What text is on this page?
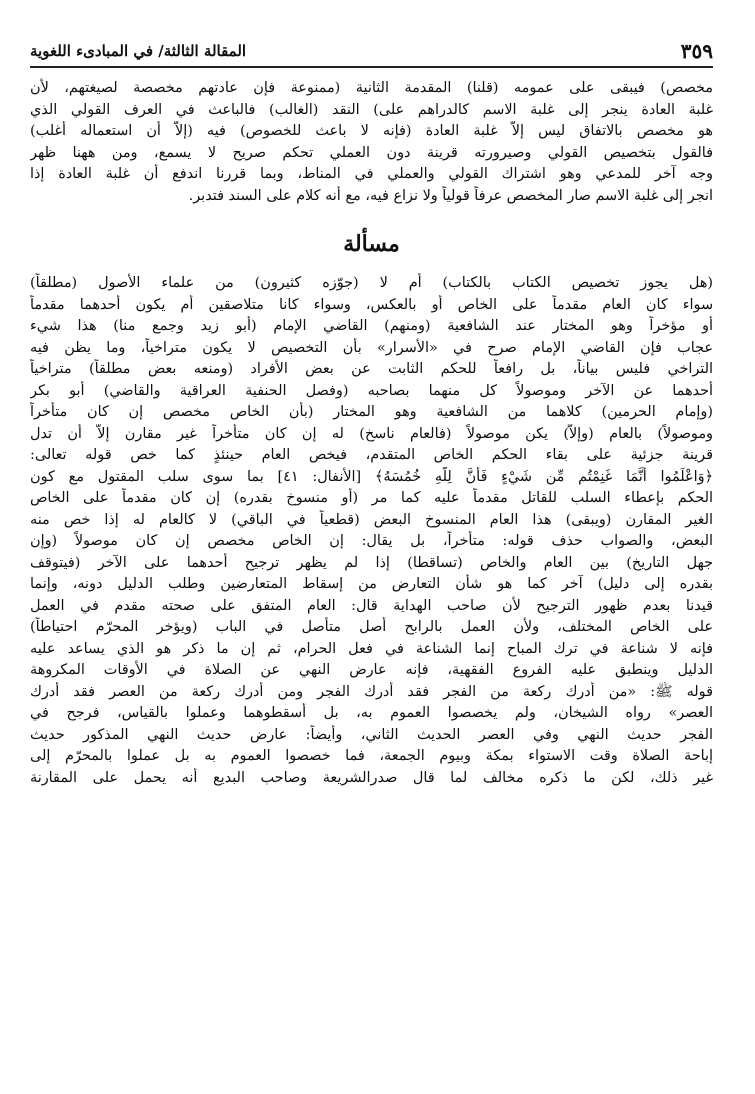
المقالة الثالثة/ في المبادىء اللغوية	٣٥٩
مخصص) فيبقى على عمومه (قلنا) المقدمة الثانية (ممنوعة فإن عادتهم مخصصة لصيغتهم، لأن
غلبة العادة ينجر إلى غلبة الاسم كالدراهم على) النقد (الغالب) فالباعث في العرف القولي الذي
هو مخصص بالاتفاق ليس إلاّ غلبة العادة (فإنه لا باعث للخصوص) فيه (إلاّ أن استعماله أغلب)
فالقول بتخصيص القولي وصيرورته قرينة دون العملي تحكم صريح لا يسمع، ومن ههنا ظهر
وجه آخر للمدعي وهو اشتراك القولي والعملي في المناط، وبما قررنا اندفع أن غلبة العادة إذا
انجر إلى غلبة الاسم صار المخصص عرفاً قولياً ولا نزاع فيه، مع أنه كلام على السند فتدبر.
مسألة
(هل يجوز تخصيص الكتاب بالكتاب) أم لا (جوّزه كثيرون) من علماء الأصول (مطلقاً)
سواء كان العام مقدماً على الخاص أو بالعكس، وسواء كانا متلاصقين أم يكون أحدهما مقدماً
أو مؤخراً وهو المختار عند الشافعية (ومنهم) القاضي الإمام (أبو زيد وجمع منا) هذا شيء
عجاب فإن القاضي الإمام صرح في «الأسرار» بأن التخصيص لا يكون متراخياً، وما يظن فيه
التراخي فليس بياناً، بل رافعاً للحكم الثابت عن بعض الأفراد (ومنعه بعض مطلقاً) متراخياً
أحدهما عن الآخر وموصولاً كل منهما بصاحبه (وفصل الحنفية العراقية والقاضي) أبو بكر
(وإمام الحرمين) كلاهما من الشافعية وهو المختار (بأن الخاص مخصص إن كان متأخراً
وموصولاً) بالعام (وإلاّ) يكن موصولاً (فالعام ناسخ) له إن كان متأخراً غير مقارن إلاّ أن تدل
قرينة جزئية على بقاء الحكم الخاص المتقدم، فيخص العام حينئذٍ كما خص قوله تعالى:
﴿وَاعْلَمُوا أَنَّمَا غَنِمْتُم مِّن شَيْءٍ فَأَنَّ لِلَّهِ خُمُسَهُ﴾ [الأنفال: ٤١] بما سوى سلب المقتول مع كون
الحكم بإعطاء السلب للقاتل مقدماً عليه كما مر (أو منسوخ بقدره) إن كان مقدماً على الخاص
الغير المقارن (ويبقى) هذا العام المنسوخ البعض (قطعياً في الباقي) لا كالعام له إذا خص منه
البعض، والصواب حذف قوله: متأخراً، بل يقال: إن الخاص مخصص إن كان موصولاً (وإن
جهل التاريخ) بين العام والخاص (تساقطا) إذا لم يظهر ترجيح أحدهما على الآخر (فيتوقف
بقدره إلى دليل) آخر كما هو شأن التعارض من إسقاط المتعارضين وطلب الدليل دونه، وإنما
قيدنا بعدم ظهور الترجيح لأن صاحب الهداية قال: العام المتفق على صحته مقدم في العمل
على الخاص المختلف، ولأن العمل بالرابح أصل متأصل في الباب (ويؤخر المحرّم احتياطاً)
فإنه لا شناعة في ترك المباح إنما الشناعة في فعل الحرام، ثم إن ما ذكر هو الذي يساعد عليه
الدليل وينطبق عليه الفروع الفقهية، فإنه عارض النهي عن الصلاة في الأوقات المكروهة
قوله ﷺ: «من أدرك ركعة من الفجر فقد أدرك الفجر ومن أدرك ركعة من العصر فقد أدرك
العصر» رواه الشيخان، ولم يخصصوا العموم به، بل أسقطوهما وعملوا بالقياس، فرجح في
الفجر حديث النهي وفي العصر الحديث الثاني، وأيضاً: عارض حديث النهي المذكور حديث
إباحة الصلاة وقت الاستواء بمكة وبيوم الجمعة، فما خصصوا العموم به بل عملوا بالمحرّم إلى
غير ذلك، لكن ما ذكره مخالف لما قال صدرالشريعة وصاحب البديع أنه يحمل على المقارنة
